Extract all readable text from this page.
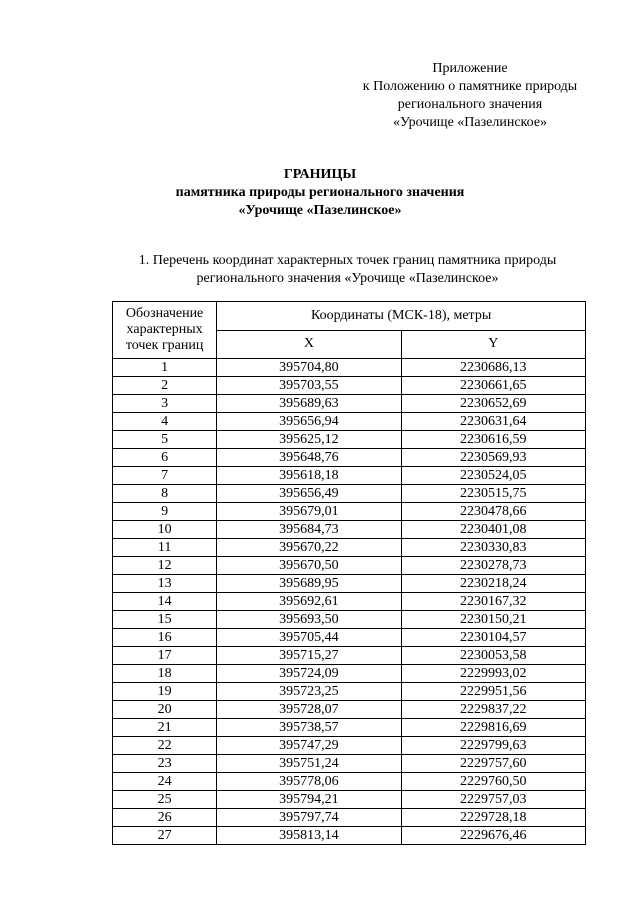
Приложение
к Положению о памятнике природы
регионального значения
«Урочище «Пазелинское»
ГРАНИЦЫ
памятника природы регионального значения
«Урочище «Пазелинское»
1. Перечень координат характерных точек границ памятника природы
регионального значения «Урочище «Пазелинское»
Обозначение
характерных
точек границ	Координаты (МСК-18), метры	
	X	Y
1	395704,80	2230686,13
2	395703,55	2230661,65
3	395689,63	2230652,69
4	395656,94	2230631,64
5	395625,12	2230616,59
6	395648,76	2230569,93
7	395618,18	2230524,05
8	395656,49	2230515,75
9	395679,01	2230478,66
10	395684,73	2230401,08
11	395670,22	2230330,83
12	395670,50	2230278,73
13	395689,95	2230218,24
14	395692,61	2230167,32
15	395693,50	2230150,21
16	395705,44	2230104,57
17	395715,27	2230053,58
18	395724,09	2229993,02
19	395723,25	2229951,56
20	395728,07	2229837,22
21	395738,57	2229816,69
22	395747,29	2229799,63
23	395751,24	2229757,60
24	395778,06	2229760,50
25	395794,21	2229757,03
26	395797,74	2229728,18
27	395813,14	2229676,46
